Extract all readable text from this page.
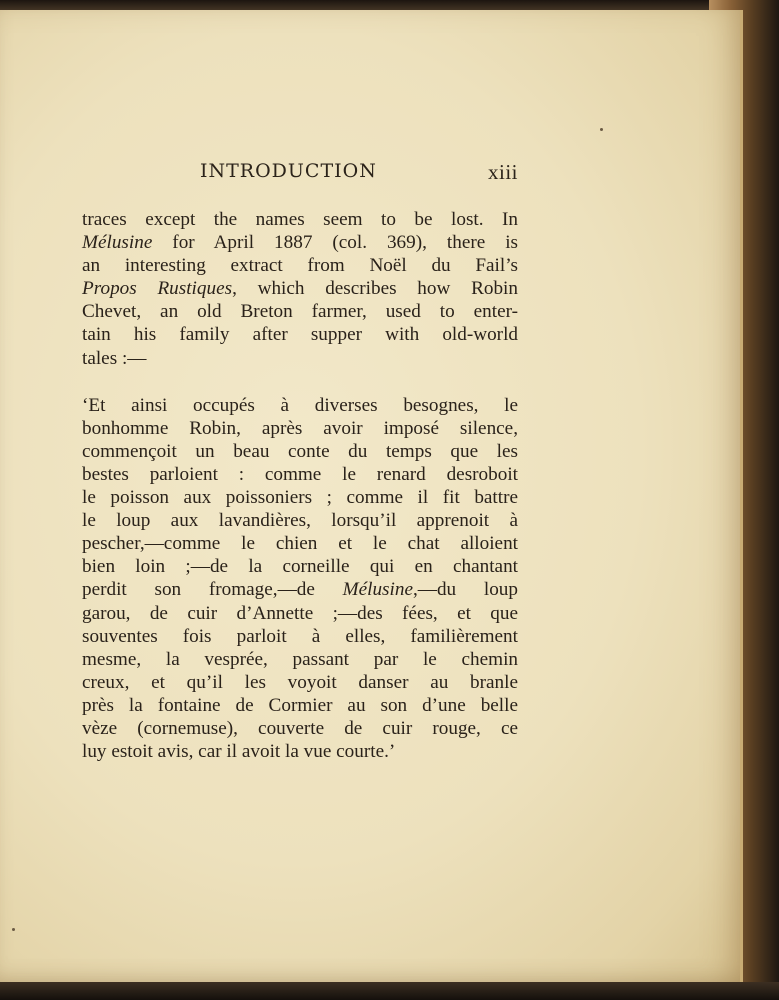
INTRODUCTION	xiii
traces except the names seem to be lost. In
Mélusine for April 1887 (col. 369), there is
an interesting extract from Noël du Fail’s
Propos Rustiques, which describes how Robin
Chevet, an old Breton farmer, used to enter-
tain his family after supper with old-world
tales :—
‘Et ainsi occupés à diverses besognes, le
bonhomme Robin, après avoir imposé silence,
commençoit un beau conte du temps que les
bestes parloient : comme le renard desroboit
le poisson aux poissoniers ; comme il fit battre
le loup aux lavandières, lorsqu’il apprenoit à
pescher,—comme le chien et le chat alloient
bien loin ;—de la corneille qui en chantant
perdit son fromage,—de Mélusine,—du loup
garou, de cuir d’Annette ;—des fées, et que
souventes fois parloit à elles, familièrement
mesme, la vesprée, passant par le chemin
creux, et qu’il les voyoit danser au branle
près la fontaine de Cormier au son d’une belle
vèze (cornemuse), couverte de cuir rouge, ce
luy estoit avis, car il avoit la vue courte.’
